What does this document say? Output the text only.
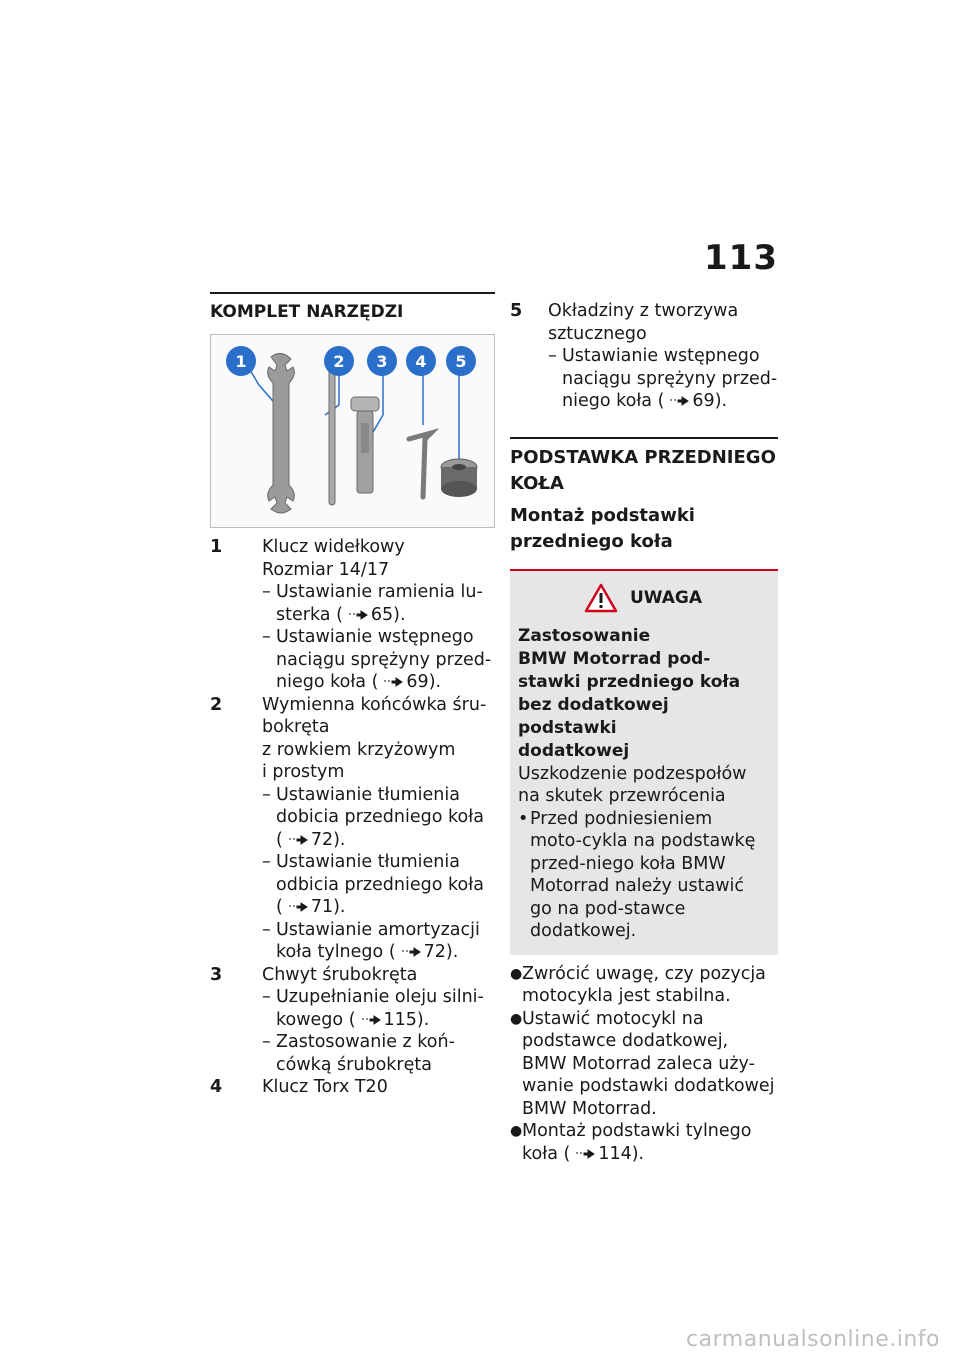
113
KOMPLET NARZĘDZI
1	2 3 4 5
1	Klucz widełkowy
Rozmiar 14/17
– Ustawianie ramienia lu-sterka ( 65).
– Ustawianie wstępnego naciągu sprężyny przed-niego koła ( 69).
2	Wymienna końcówka śru-bokręta
z rowkiem krzyżowym
i prostym
– Ustawianie tłumienia dobicia przedniego koła ( 72).
– Ustawianie tłumienia odbicia przedniego koła ( 71).
– Ustawianie amortyzacji koła tylnego ( 72).
3	Chwyt śrubokręta
– Uzupełnianie oleju silni-kowego ( 115).
– Zastosowanie z koń-cówką śrubokręta
4	Klucz Torx T20
5	Okładziny z tworzywa
sztucznego
– Ustawianie wstępnego naciągu sprężyny przed-niego koła ( 69).
PODSTAWKA PRZEDNIEGO KOŁA
Montaż podstawki przedniego koła
UWAGA
Zastosowanie
BMW Motorrad pod-
stawki przedniego koła
bez dodatkowej podstawki
dodatkowej
Uszkodzenie podzespołów na skutek przewrócenia
• Przed podniesieniem moto-cykla na podstawkę przed-niego koła BMW Motorrad należy ustawić go na pod-stawce dodatkowej.
● Zwrócić uwagę, czy pozycja motocykla jest stabilna.
● Ustawić motocykl na podstawce dodatkowej, BMW Motorrad zaleca uży-wanie podstawki dodatkowej BMW Motorrad.
● Montaż podstawki tylnego koła ( 114).
carmanualsonline.info
